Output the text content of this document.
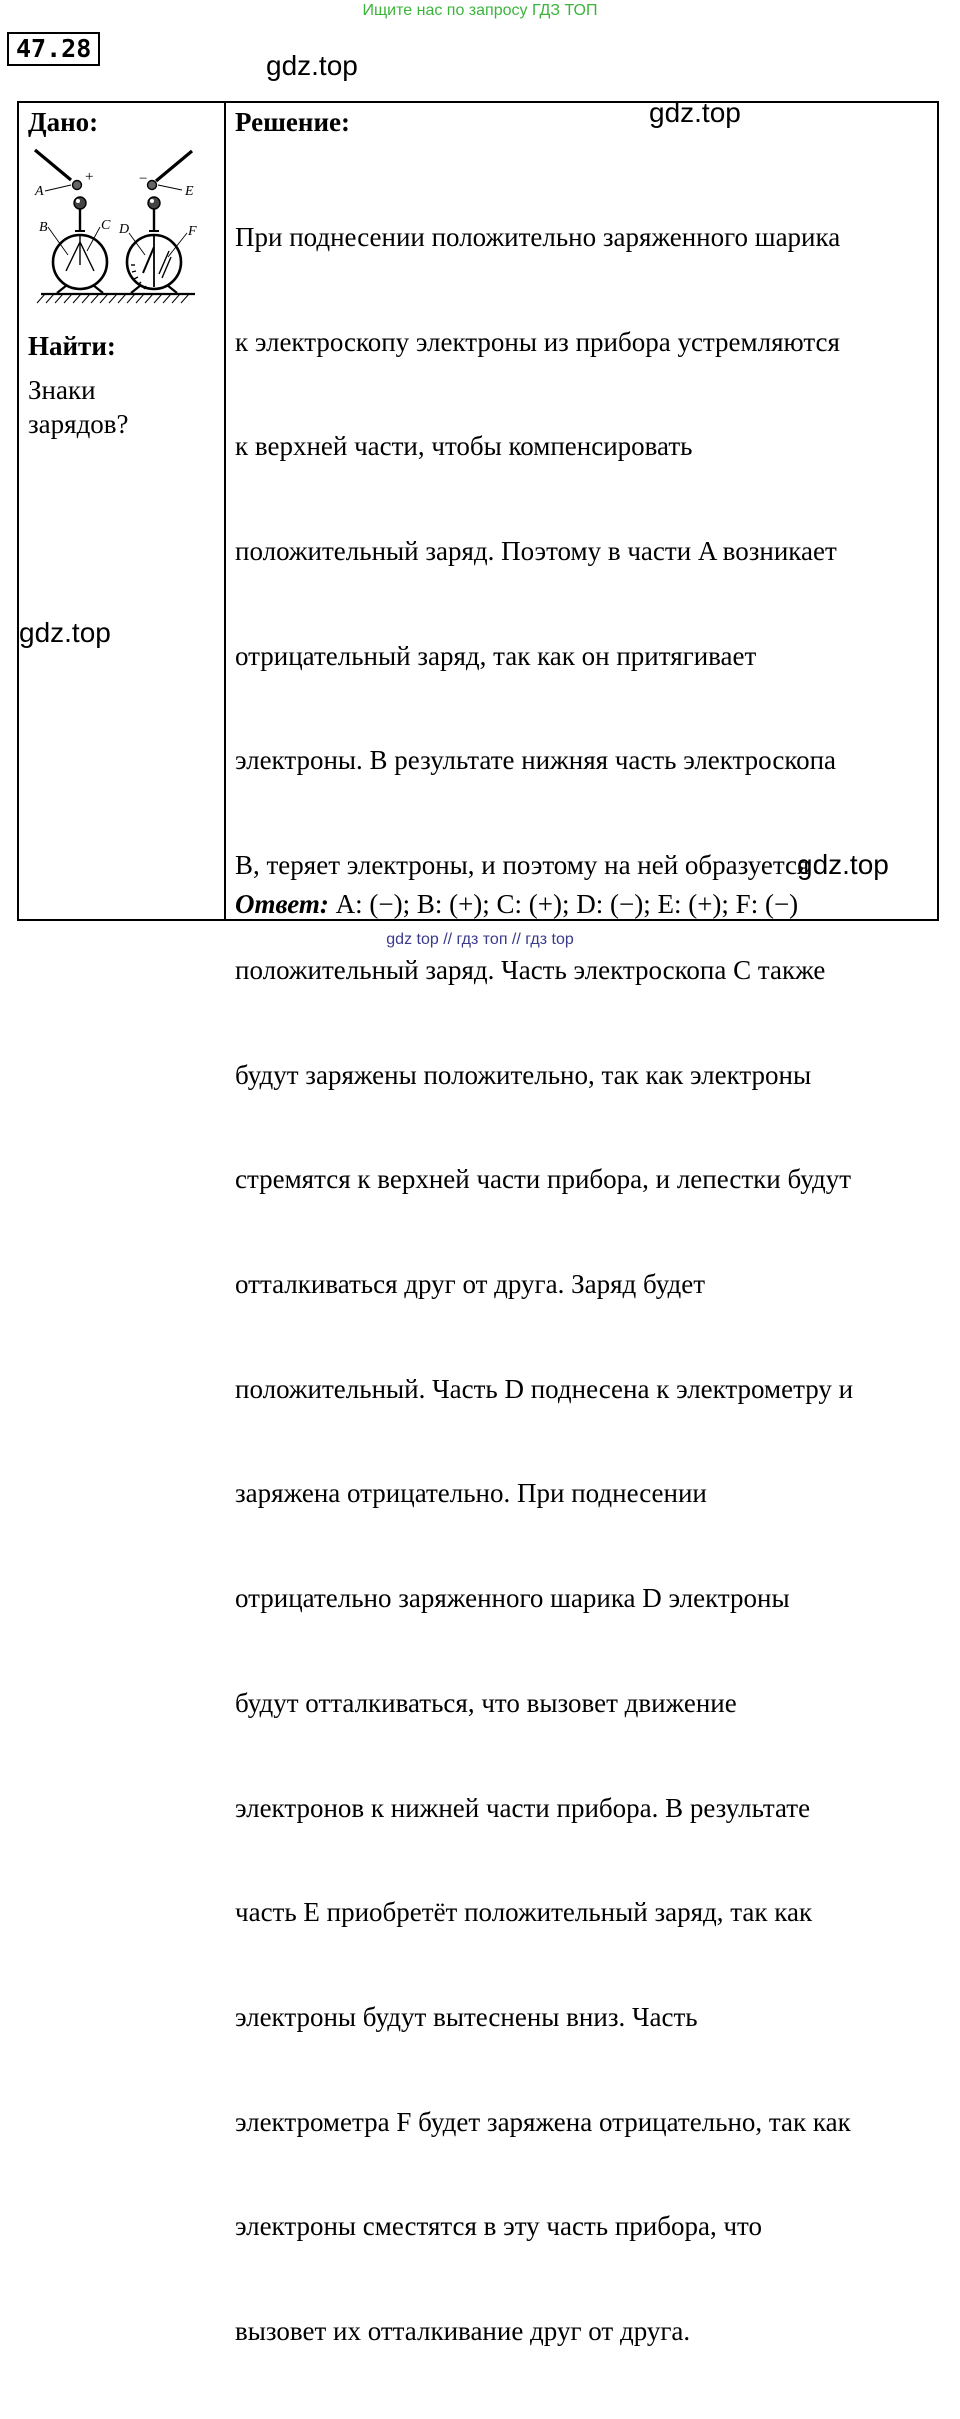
Ищите нас по запросу ГДЗ ТОП
47.28
gdz.top
Дано:
A
+	−
E
B	C D	F
Найти:
Знаки
зарядов?
Решение:

При поднесении положительно заряженного шарика

к электроскопу электроны из прибора устремляются

к верхней части, чтобы компенсировать

положительный заряд. Поэтому в части A возникает

отрицательный заряд, так как он притягивает

электроны. В результате нижняя часть электроскопа

B, теряет электроны, и поэтому на ней образуется

положительный заряд. Часть электроскопа C также

будут заряжены положительно, так как электроны

стремятся к верхней части прибора, и лепестки будут

отталкиваться друг от друга. Заряд будет

положительный. Часть D поднесена к электрометру и

заряжена отрицательно. При поднесении

отрицательно заряженного шарика D электроны

будут отталкиваться, что вызовет движение

электронов к нижней части прибора. В результате

часть E приобретёт положительный заряд, так как

электроны будут вытеснены вниз. Часть

электрометра F будет заряжена отрицательно, так как

электроны сместятся в эту часть прибора, что

вызовет их отталкивание друг от друга.

Ответ: A: (−); B: (+); C: (+); D: (−); E: (+); F: (−)
gdz.top
gdz.top
gdz.top
gdz top // гдз топ // гдз top
